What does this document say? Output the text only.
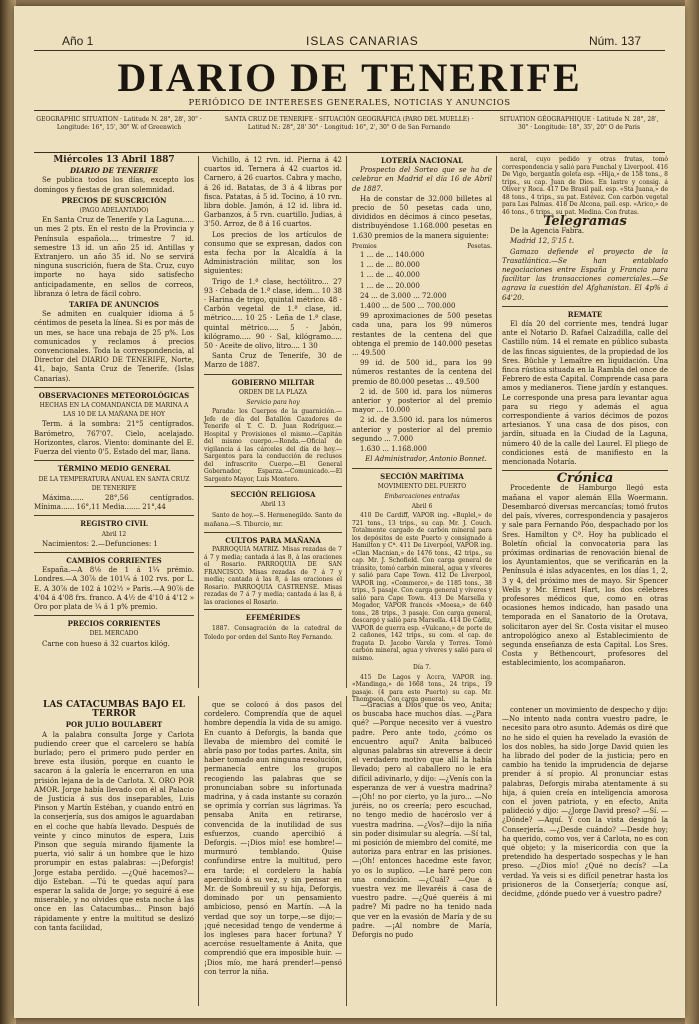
Año 1	ISLAS CANARIAS	Núm. 137
DIARIO DE TENERIFE
PERIÓDICO DE INTERESES GENERALES, NOTICIAS Y ANUNCIOS
GEOGRAPHIC SITUATION · Latitude N. 28°, 28', 30" · Longitude: 16°, 15', 30" W. of Greenwich
SANTA CRUZ DE TENERIFE · SITUACIÓN GEOGRÁFICA (PARO DEL MUELLE) · Latitud N.: 28°, 28' 30" · Longitud: 16°, 2', 30" O de San Fernando
SITUATION GÉOGRAPHIQUE · Latitude N. 28°, 28', 30" · Longitude: 18°, 35', 20" O de Paris

Miércoles 13 Abril 1887

DIARIO DE TENERIFE

Se publica todos los días, excepto los domingos y fiestas de gran solemnidad.

PRECIOS DE SUSCRICIÓN

(PAGO ADELANTADO)

En Santa Cruz de Tenerife y La Laguna..... un mes 2 pts. En el resto de la Provincia y Península española.... trimestre 7 id. semestre 13 id. un año 25 id. Antillas y Extranjero. un año 35 id. No se servirá ninguna suscrición, fuera de Sta. Cruz, cuyo importe no haya sido satisfecho anticipadamente, en sellos de correos, libranza ó letra de fácil cobro.

TARIFA DE ANUNCIOS

Se admiten en cualquier idioma á 5 céntimos de peseta la línea. Si es por más de un mes, se hace una rebaja de 25 p%. Los comunicados y reclamos á precios convencionales. Toda la correspondencia, al Director del DIARIO DE TENERIFE, Norte, 41, bajo, Santa Cruz de Tenerife. (Islas Canarias).

OBSERVACIONES METEOROLÓGICAS

HECHAS EN LA COMANDANCIA DE MARINA A LAS 10 DE LA MAÑANA DE HOY

Term. á la sombra: 21°5 centígrados. Barómetro, 767'07. Cielo, acelajado. Horizontes, claros. Viento: dominante del E. Fuerza del viento 0'5. Estado del mar, llana.

TÉRMINO MEDIO GENERAL

DE LA TEMPERATURA ANUAL EN SANTA CRUZ DE TENERIFE

Máxima...... 28°,56 centígrados. Mínima...... 16°,11 Media....... 21°,44

REGISTRO CIVIL

Abril 12

Nacimientos: 2.—Defunciones: 1

CAMBIOS CORRIENTES

España.—A 8⅛ de 1 á 1¼ prémio. Londres.—A 30⅞ de 101¼ á 102 rvs. por L. E. A 30⅞ de 102 á 102½ » Paris.—A 90⅞ de 4'04 á 4'08 frs. franco. A 4½ de 4'10 á 4'12 » Oro por plata de ¼ á 1 p% premio.

PRECIOS CORRIENTES

DEL MERCADO

Carne con hueso á 32 cuartos kilóg.

Vichillo, á 12 rvn. id. Pierna á 42 cuartos id. Ternera á 42 cuartos id. Carnero, á 26 cuartos. Cabra y macho, á 26 id. Batatas, de 3 á 4 libras por fisca. Patatas, á 5 id. Tocino, á 10 rvn. libra doble. Jamón, á 12 id. libra id. Garbanzos, á 5 rvn. cuartillo. Judias, á 3'50. Arroz, de 8 á 16 cuartos.

Los precios de los artículos de consumo que se expresan, dados con esta fecha por la Alcaldía á la Administración militar, son los siguientes:

Trigo de 1.ª clase, hectólitro... 27 93 · Cebada de 1.ª clase, idem... 10 38 · Harina de trigo, quintal métrico. 48 · Carbón vegetal de 1.ª clase, id. métrico..... 10 25 · Leña de 1.ª clase, quintal métrico..... 5 · Jabón, kilógramo..... 90 · Sal, kilógramo..... 50 · Aceite de olivo, litro.... 1 30

Santa Cruz de Tenerife, 30 de Marzo de 1887.

GOBIERNO MILITAR

ORDEN DE LA PLAZA

Servicio para hoy

Parada: los Cuerpos de la guarnición.—Jefe de día del Batallón Cazadores de Tenerife el T. C. D. Juan Rodríguez.—Hospital y Provisiones el mismo.—Capitán del mismo cuerpo.—Ronda.—Oficial de vigilancia á las cárceles del día de hoy.—Sargentos para la conducción de reclusos del infrascrito Cuerpo.—El General Gobernador, Esparza.—Comunicado.—El Sargento Mayor, Luis Montero.

SECCIÓN RELIGIOSA

Abril 13

Santo de hoy.—S. Hermenegildo. Santo de mañana.—S. Tiburcio, mr.

CULTOS PARA MAÑANA

PARROQUIA MATRIZ. Misas rezadas de 7 á 7 y media; cantada á las 8, á las oraciones el Rosario. PARROQUIA DE SAN FRANCISCO. Misas rezadas de 7 á 7 y media; cantada á las 8, á las oraciones el Rosario. PARROQUIA CASTRENSE. Misas rezadas de 7 á 7 y media; cantada á las 8, á las oraciones el Rosario.

EFEMÉRIDES

1887. Consagración de la catedral de Toledo por orden del Santo Rey Fernando.

LOTERÍA NACIONAL

Prospecto del Sorteo que se ha de celebrar en Madrid el día 16 de Abril de 1887.

Ha de constar de 32.000 billetes al precio de 50 pesetas cada uno, divididos en décimos á cinco pesetas, distribuyéndose 1.168.000 pesetas en 1.630 premios de la manera siguiente:

Premios	Pesetas.

1 ... de ... 140.000

1 ... de ... 80.000

1 ... de ... 40.000

1 ... de ... 20.000

24 ... de 3.000 ... 72.000

1.400 ... de 500 ... 700.000

99 aproximaciones de 500 pesetas cada una, para los 99 números restantes de la centena del que obtenga el premio de 140.000 pesetas ... 49.500

99 id. de 500 id., para los 99 números restantes de la centena del premio de 80.000 pesetas ... 49.500

2 id. de 500 id. para los números anterior y posterior al del premio mayor ... 10.000

2 id. de 3.500 id. para los números anterior y posterior al del premio segundo ... 7.000

1.630 ... 1.168.000

El Administrador, Antonio Bonnet.

SECCIÓN MARÍTIMA

MOVIMIENTO DEL PUERTO

Embarcaciones entradas

Abril 6

410 De Cardiff, VAPOR ing. «Buplel,» de 721 tons., 13 trips., su cap. Mr. J. Couch. Totalmente cargado de carbón mineral para los depósitos de este Puerto y consignado á Hamilton y Cª. 411 De Liverpool, VAPOR ing. «Clan Macnian,» de 1476 tons., 42 trips., su cap. Mr. J. Schofield. Con carga general de tránsito, tomó carbón mineral, agua y víveres y salió para Cape Town. 412 De Liverpool, VAPOR ing. «Commerce,» de 1185 tons., 38 trips., 5 pasaje. Con carga general y víveres y salió para Cape Town. 413 De Marsella y Mogador, VAPOR francés «Moesa,» de 640 tons., 28 trips., 3 pasaje. Con carga general, descargó y salió para Marsella. 414 De Cádiz, VAPOR de guerra esp. «Vulcano,» de porte de 2 cañones, 142 trips., su com. el cap. de fragata D. Jacobo Varela y Torres. Tomó carbón mineral, agua y víveres y salió para el mismo.

Día 7.

415 De Lagos y Accra, VAPOR ing. «Mandinga,» de 1668 tons., 24 trips., 19 pasaje. (4 para este Puerto) su cap. Mr. Thompson. Con carga general.

neral, cuyo pedido y otras frutas, tomó correspondencia y salió para Funchal y Liverpool. 416 De Vigo, bergantín goleta esp. «Hija,» de 158 tons., 8 trips., su cap. Juan de Dios. En lastre y consig. á Oliver y Roca. 417 De Brasil pail. esp. «Sta Juana,» de 48 tons., 4 trips., su pat. Estévez. Con carbón vegetal para Las Palmas. 418 De Alcona, pail. esp. «Arico,» de 46 tons., 6 trips., su pat. Medina. Con frutas.

Telegramas

De la Agencia Fabra.

Madrid 12, 5'15 t.

Gamazo defiende el proyecto de la Trasatlántica.—Se han entablado negociaciones entre España y Francia para facilitar las transacciones comerciales.—Se agrava la cuestión del Afghanistan. El 4p% á 64'20.

REMATE

El día 20 del corriente mes, tendrá lugar ante el Notario D. Rafael Calzadilla, calle del Castillo núm. 14 el remate en público subasta de las fincas siguientes, de la propiedad de los Sres. Büchle y Lemaître en liquidación. Una finca rústica situada en la Rambla del once de Febrero de esta Capital. Comprende casa para amos y medianeros. Tiene jardín y estanques. Le corresponde una presa para levantar agua para su riego y además el agua correspondiente á varios décimos de pozos artesianos. Y una casa de dos pisos, con jardín, situada en la Ciudad de la Laguna, número 40 de la calle del Laurel. El pliego de condiciones está de manifiesto en la mencionada Notaría.

Crónica

Procedente de Hamburgo llegó esta mañana el vapor alemán Ella Woermann. Desembarcó diversas mercancías; tomó frutos del país, víveres, correspondencia y pasajeros y sale para Fernando Póo, despachado por los Sres. Hamilton y Cª. Hoy ha publicado el Boletín oficial la convocatoria para las próximas ordinarias de renovación bienal de los Ayuntamientos, que se verificarán en la Península é islas adyacentes, en los días 1, 2, 3 y 4, del próximo mes de mayo. Sir Spencer Wells y Mr. Ernest Hart, los dos célebres profesores médicos que, como en otras ocasiones hemos indicado, han pasado una temporada en el Sanatorio de la Orotava, solicitaron ayer del Sr. Costa visitar el museo antropológico anexo al Establecimiento de segunda enseñanza de esta Capital. Los Sres. Costa y Béthencourt, profesores del establecimiento, los acompañaron.

LAS CATACUMBAS BAJO EL TERROR

POR JULIO BOULABERT

A la palabra consulta Jorge y Carlota pudiendo creer que el carcelero se había burlado; pero el primero pudo perder en breve esta ilusión, porque en cuanto le sacaron á la galería le encerraron en una prisión lejana de la de Carlota. X. ORO POR AMOR. Jorge había llevado con él al Palacio de Justicia á sus dos inseparables, Luis Pinson y Martín Estéban, y cuando entró en la conserjería, sus dos amigos le aguardaban en el coche que había llevado. Después de veinte y cinco minutos de espera, Luis Pinson que seguía mirando fijamente la puerta, vió salir á un hombre que le hizo prorumpir en estas palabras: —¡Deforgis! Jorge estaba perdido. —¿Qué hacemos?—dijo Esteban. —Tú te quedas aquí para esperar la salida de Jorge; yo seguiré á ese miserable, y no olvides que esta noche á las once en las Catacumbas... Pinson bajó rápidamente y entre la multitud se deslizó con tanta facilidad,

que se colocó á dos pasos del cordelero. Comprendía que de aquel hombre dependía la vida de su amigo. En cuanto á Deforgis, la banda que llevaba de miembro del comité le abría paso por todas partes. Anita, sin haber tomado aun ninguna resolución, permanecía entre los grupos recogiendo las palabras que se pronunciaban sobre su infortunada madrina, y á cada instante su corazón se oprimía y corrían sus lágrimas. Ya pensaba Anita en retirarse, convencida de la inutilidad de sus esfuerzos, cuando apercibió á Deforgis. —¡Dios mío! ese hombre!—murmuró temblando. Quise confundirse entre la multitud, pero era tarde; el cordelero la había apercibido á su vez, y sin pensar en Mr. de Sombreuil y su hija, Deforgis, dominado por un pensamiento ambicioso, pensó en Martín. —A la verdad que soy un torpe,—se dijo;—¡qué necesidad tengo de venderme á los ingleses para hacer fortuna? Y acercóse resueltamente á Anita, que comprendió que era imposible huir. —¡Dios mío, me hará prender!—pensó con terror la niña.

—Gracias á Dios que os veo, Anita; os buscaba hace muchos días. —¿Para qué? —Porque necesito ver á vuestro padre. Pero ante todo, ¿cómo os encuentro aquí? Anita balbuceó algunas palabras sin atreverse á decir el verdadero motivo que allí la había llevado; pero al caballero no le era difícil adivinarlo, y dijo: —¿Venís con la esperanza de ver á vuestra madrina? —¡Oh! no por cierto, yo la juro... —No juréis, no os creería; pero escuchad, no tengo medio de hacéroslo ver á vuestra madrina. —¿Vos?—dijo la niña sin poder disimular su alegría. —Sí tal, mi posición de miembro del comité, me autoriza para entrar en las prisiones. —¡Oh! entonces hacedme este favor, yo os lo suplico. —Le haré pero con una condición. —¿Cuál? —Que á vuestra vez me llevaréis á casa de vuestro padre. —¿Qué queréis á mi padre? Mi padre no ha tenido nada que ver en la evasión de María y de su padre. —¡Al nombre de María, Deforgis no pudo

contener un movimiento de despecho y dijo: —No intento nada contra vuestro padre, le necesito para otro asunto. Además os diré que no he sido el quien ha revelado la evasión de los dos nobles, ha sido Jorge David quien les ha librado del poder de la justicia; pero en cambio ha tenido la imprudencia de dejarse prender á sí propio. Al pronunciar estas palabras, Deforgis miraba atentamente á su hija, á quien creía en inteligencia amorosa con el joven patriota, y en efecto, Anita palideció y dijo: —¿Jorge David preso? —Sí. —¿Dónde? —Aquí. Y con la vista designó la Conserjería. —¿Desde cuándo? —Desde hoy; ha querido, como vos, ver á Carlota, no es con qué objeto; y la misericordia con que la pretendido ha despertado sospechas y le han preso. —¿Dios mío! ¿Qué no decís? —La verdad. Ya veis si es difícil penetrar hasta los prisioneros de la Conserjería; conque así, decidme, ¿dónde puedo ver á vuestro padre?
